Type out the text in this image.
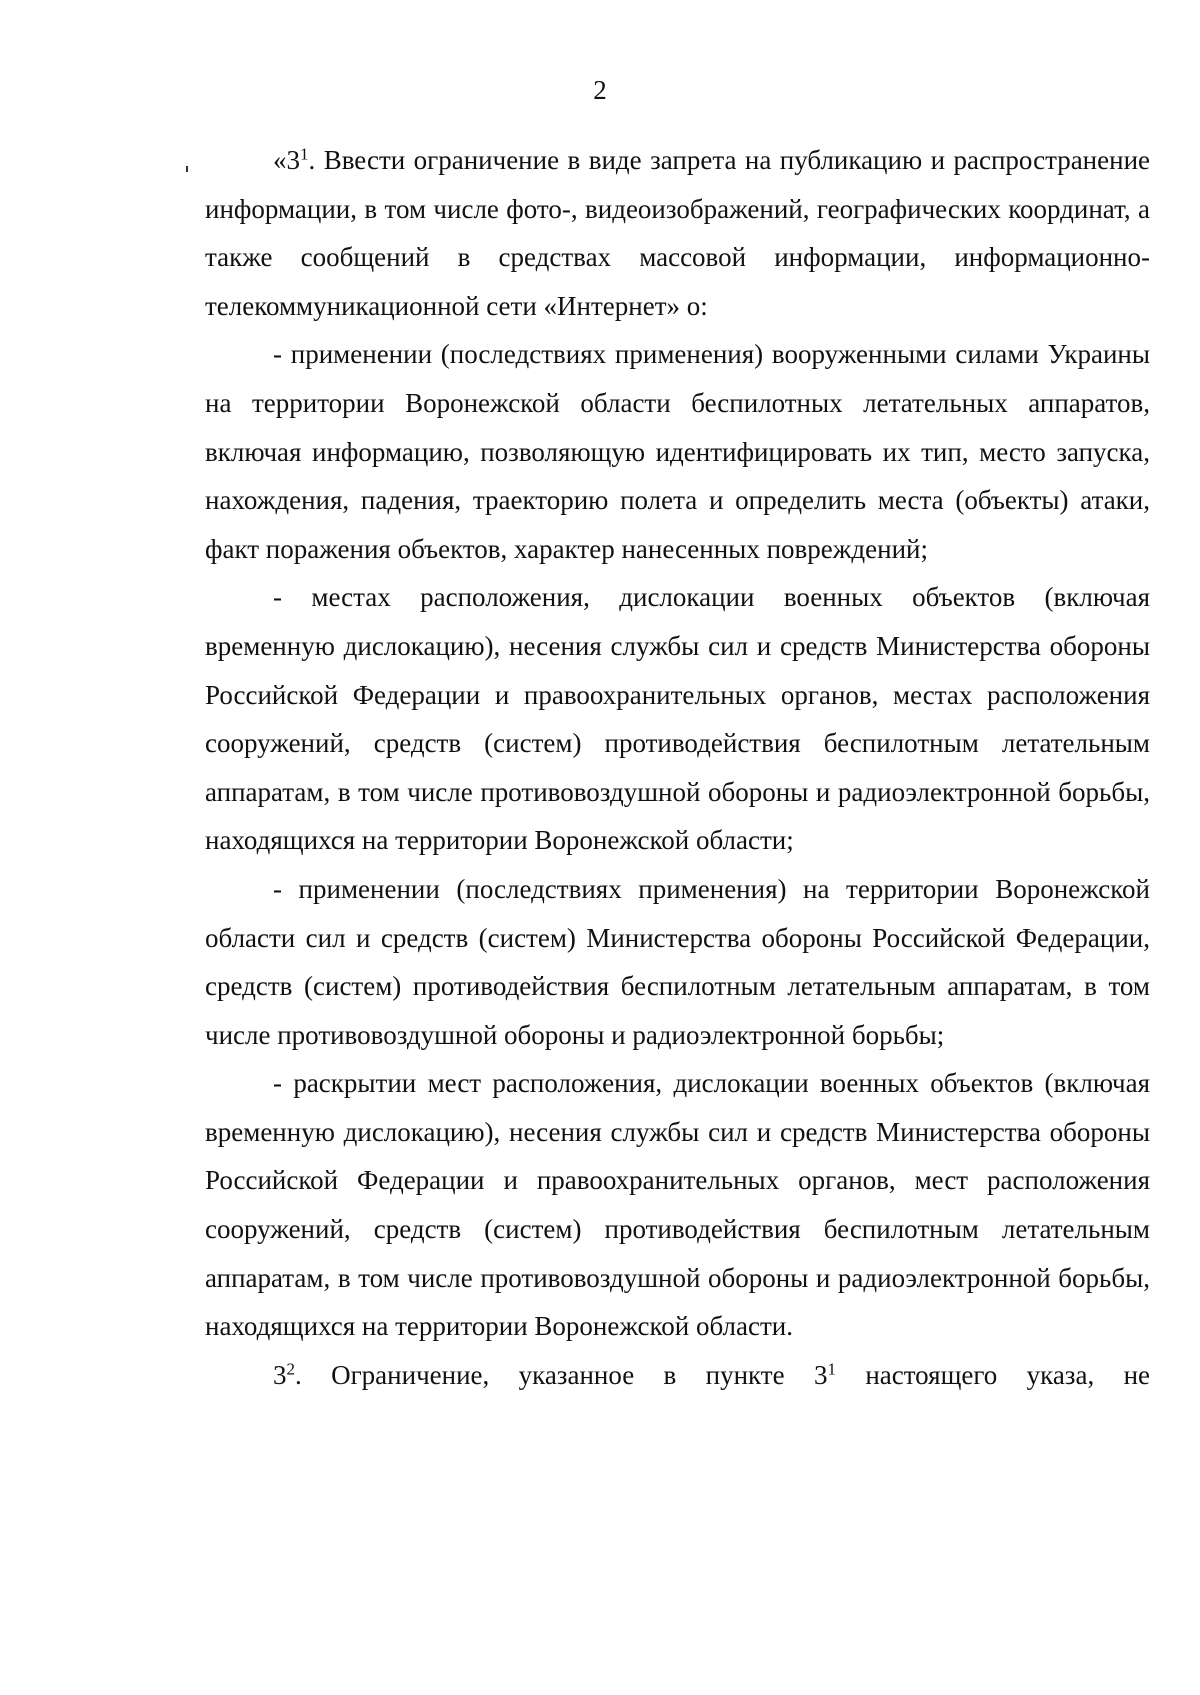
2

«$3^1$. Ввести ограничение в виде запрета на публикацию и распространение информации, в том числе фото-, видеоизображений, географических координат, а также сообщений в средствах массовой информации, информационно-телекоммуникационной сети «Интернет» о:

- применении (последствиях применения) вооруженными силами Украины на территории Воронежской области беспилотных летательных аппаратов, включая информацию, позволяющую идентифицировать их тип, место запуска, нахождения, падения, траекторию полета и определить места (объекты) атаки, факт поражения объектов, характер нанесенных повреждений;

- местах расположения, дислокации военных объектов (включая временную дислокацию), несения службы сил и средств Министерства обороны Российской Федерации и правоохранительных органов, местах расположения сооружений, средств (систем) противодействия беспилотным летательным аппаратам, в том числе противовоздушной обороны и радиоэлектронной борьбы, находящихся на территории Воронежской области;

- применении (последствиях применения) на территории Воронежской области сил и средств (систем) Министерства обороны Российской Федерации, средств (систем) противодействия беспилотным летательным аппаратам, в том числе противовоздушной обороны и радиоэлектронной борьбы;

- раскрытии мест расположения, дислокации военных объектов (включая временную дислокацию), несения службы сил и средств Министерства обороны Российской Федерации и правоохранительных органов, мест расположения сооружений, средств (систем) противодействия беспилотным летательным аппаратам, в том числе противовоздушной обороны и радиоэлектронной борьбы, находящихся на территории Воронежской области.

$3^2$. Ограничение, указанное в пункте $3^1$ настоящего указа, не
